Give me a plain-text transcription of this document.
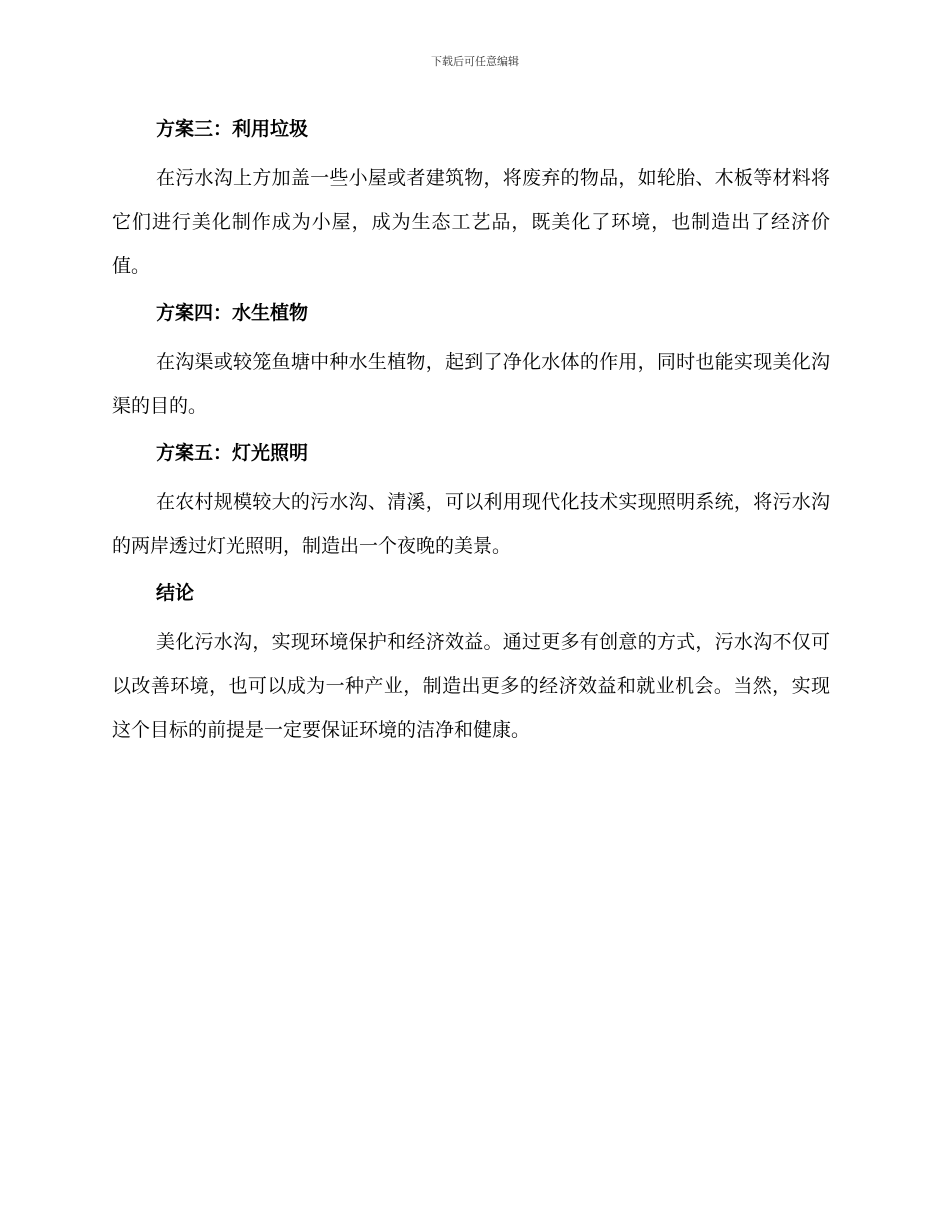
下载后可任意编辑
方案三：利用垃圾

在污水沟上方加盖一些小屋或者建筑物，将废弃的物品，如轮胎、木板等材料将它们进行美化制作成为小屋，成为生态工艺品，既美化了环境，也制造出了经济价值。

方案四：水生植物

在沟渠或较笼鱼塘中种水生植物，起到了净化水体的作用，同时也能实现美化沟渠的目的。

方案五：灯光照明

在农村规模较大的污水沟、清溪，可以利用现代化技术实现照明系统，将污水沟的两岸透过灯光照明，制造出一个夜晚的美景。

结论

美化污水沟，实现环境保护和经济效益。通过更多有创意的方式，污水沟不仅可以改善环境，也可以成为一种产业，制造出更多的经济效益和就业机会。当然，实现这个目标的前提是一定要保证环境的洁净和健康。
